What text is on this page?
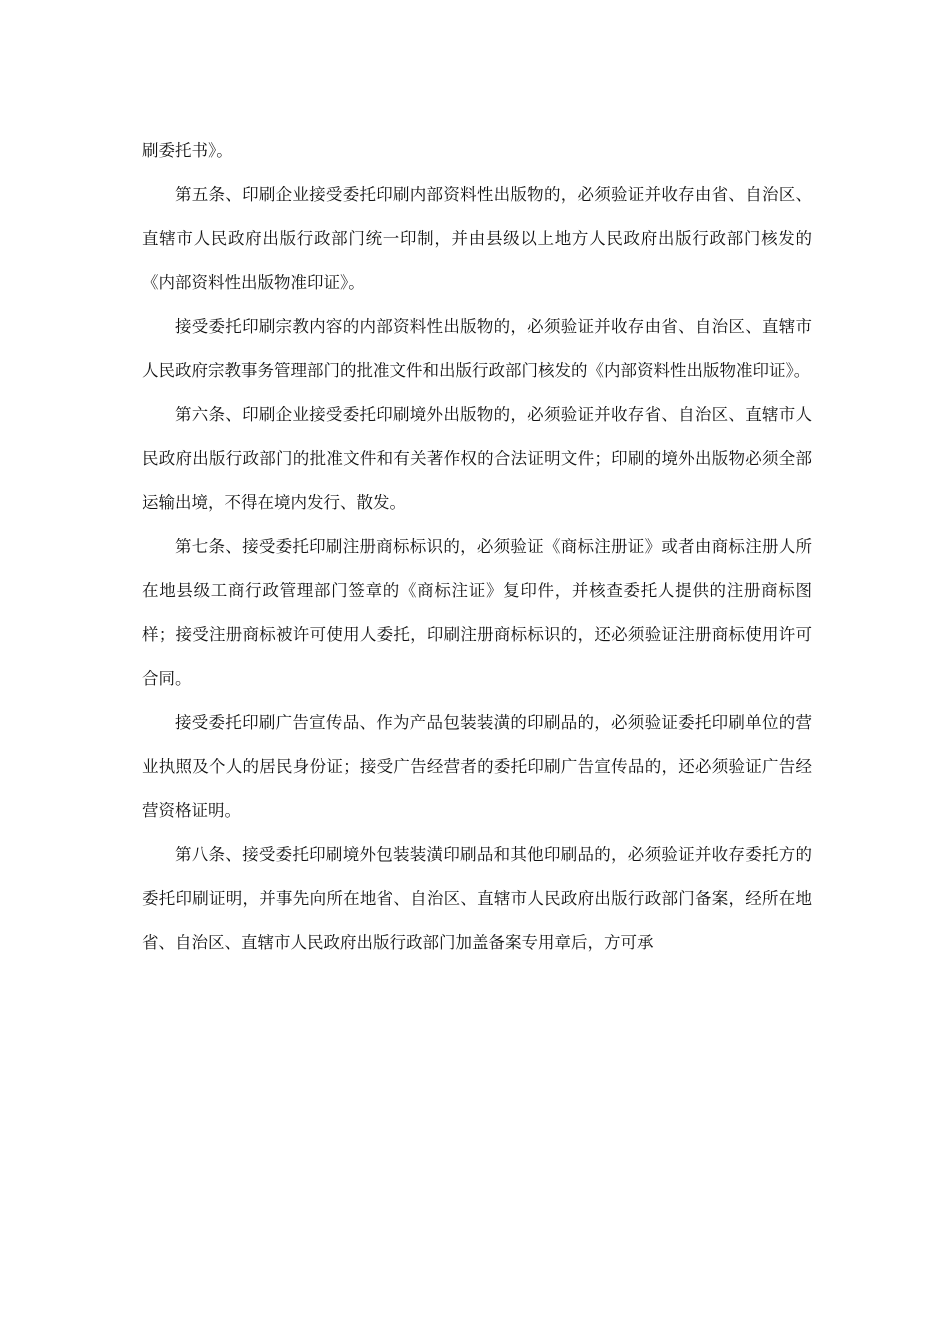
刷委托书》。

第五条、印刷企业接受委托印刷内部资料性出版物的，必须验证并收存由省、自治区、直辖市人民政府出版行政部门统一印制，并由县级以上地方人民政府出版行政部门核发的《内部资料性出版物准印证》。

接受委托印刷宗教内容的内部资料性出版物的，必须验证并收存由省、自治区、直辖市人民政府宗教事务管理部门的批准文件和出版行政部门核发的《内部资料性出版物准印证》。

第六条、印刷企业接受委托印刷境外出版物的，必须验证并收存省、自治区、直辖市人民政府出版行政部门的批准文件和有关著作权的合法证明文件；印刷的境外出版物必须全部运输出境，不得在境内发行、散发。

第七条、接受委托印刷注册商标标识的，必须验证《商标注册证》或者由商标注册人所在地县级工商行政管理部门签章的《商标注证》复印件，并核查委托人提供的注册商标图样；接受注册商标被许可使用人委托，印刷注册商标标识的，还必须验证注册商标使用许可合同。

接受委托印刷广告宣传品、作为产品包装装潢的印刷品的，必须验证委托印刷单位的营业执照及个人的居民身份证；接受广告经营者的委托印刷广告宣传品的，还必须验证广告经营资格证明。

第八条、接受委托印刷境外包装装潢印刷品和其他印刷品的，必须验证并收存委托方的委托印刷证明，并事先向所在地省、自治区、直辖市人民政府出版行政部门备案，经所在地省、自治区、直辖市人民政府出版行政部门加盖备案专用章后，方可承
